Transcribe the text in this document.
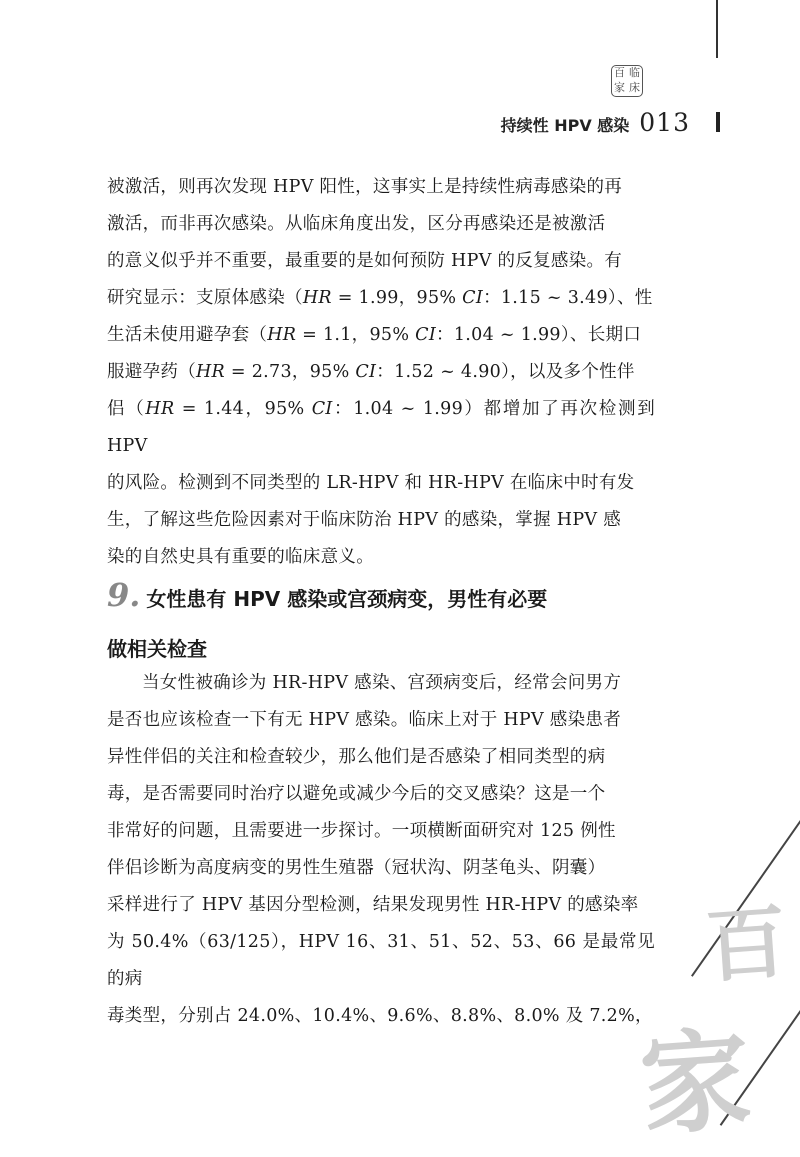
百 临
家 床
持续性 HPV 感染 013

被激活，则再次发现 HPV 阳性，这事实上是持续性病毒感染的再
激活，而非再次感染。从临床角度出发，区分再感染还是被激活
的意义似乎并不重要，最重要的是如何预防 HPV 的反复感染。有
研究显示：支原体感染（HR = 1.99，95% CI：1.15 ~ 3.49）、性
生活未使用避孕套（HR = 1.1，95% CI：1.04 ~ 1.99）、长期口
服避孕药（HR = 2.73，95% CI：1.52 ~ 4.90），以及多个性伴
侣（HR = 1.44，95% CI：1.04 ~ 1.99）都增加了再次检测到 HPV
的风险。检测到不同类型的 LR-HPV 和 HR-HPV 在临床中时有发
生，了解这些危险因素对于临床防治 HPV 的感染，掌握 HPV 感
染的自然史具有重要的临床意义。

9. 女性患有 HPV 感染或宫颈病变，男性有必要
做相关检查

当女性被确诊为 HR-HPV 感染、宫颈病变后，经常会问男方
是否也应该检查一下有无 HPV 感染。临床上对于 HPV 感染患者
异性伴侣的关注和检查较少，那么他们是否感染了相同类型的病
毒，是否需要同时治疗以避免或减少今后的交叉感染？这是一个
非常好的问题，且需要进一步探讨。一项横断面研究对 125 例性
伴侣诊断为高度病变的男性生殖器（冠状沟、阴茎龟头、阴囊）
采样进行了 HPV 基因分型检测，结果发现男性 HR-HPV 的感染率
为 50.4%（63/125），HPV 16、31、51、52、53、66 是最常见的病
毒类型，分别占 24.0%、10.4%、9.6%、8.8%、8.0% 及 7.2%，

百
家
